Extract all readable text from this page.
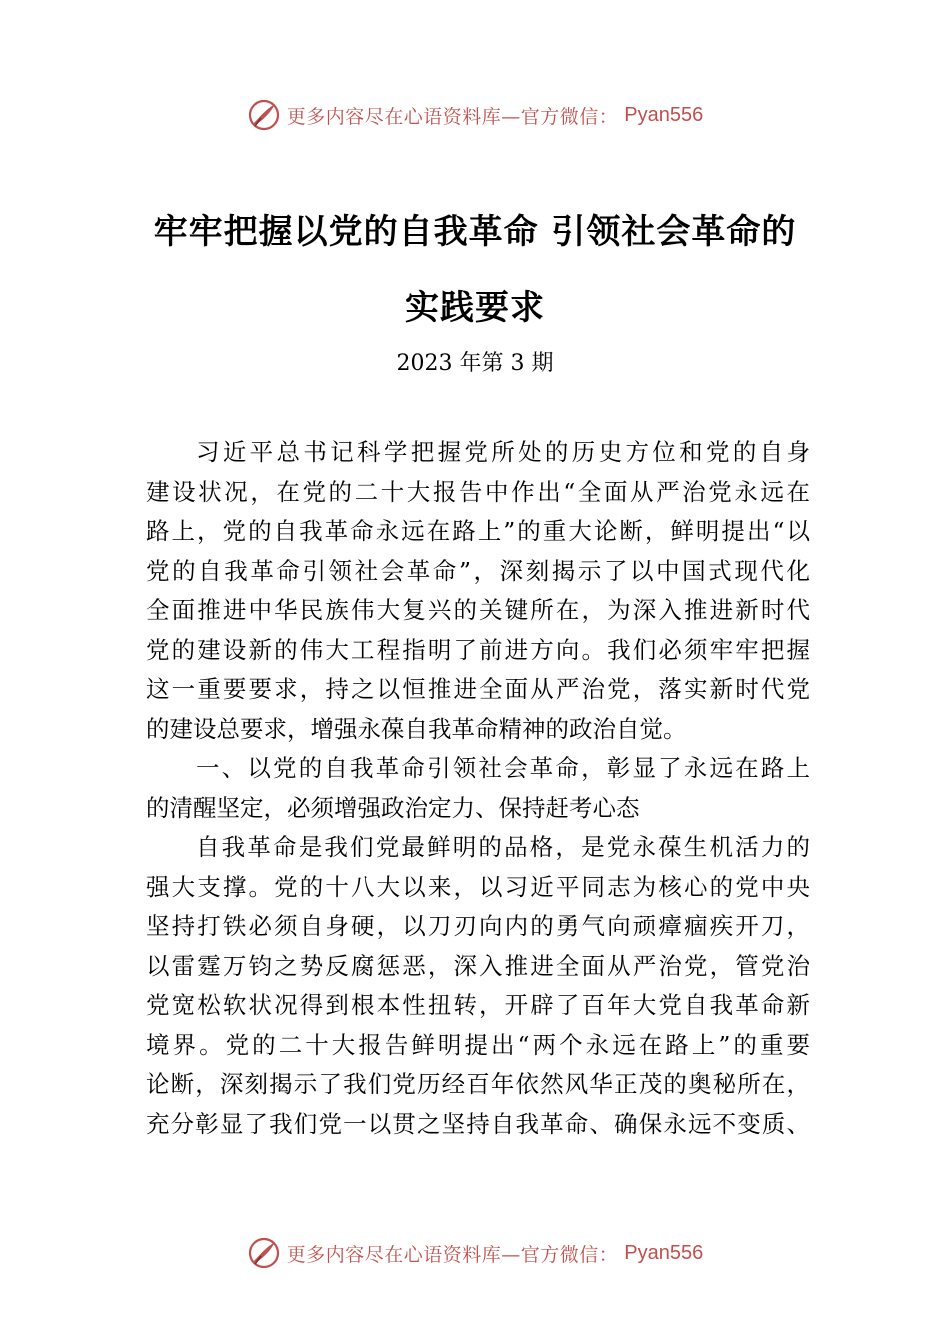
更多内容尽在心语资料库—官方微信： Pyan556
牢牢把握以党的自我革命 引领社会革命的
实践要求
2023 年第 3 期
习近平总书记科学把握党所处的历史方位和党的自身
建设状况，在党的二十大报告中作出“全面从严治党永远在
路上，党的自我革命永远在路上”的重大论断，鲜明提出“以
党的自我革命引领社会革命”，深刻揭示了以中国式现代化
全面推进中华民族伟大复兴的关键所在，为深入推进新时代
党的建设新的伟大工程指明了前进方向。我们必须牢牢把握
这一重要要求，持之以恒推进全面从严治党，落实新时代党
的建设总要求，增强永葆自我革命精神的政治自觉。
一、以党的自我革命引领社会革命，彰显了永远在路上
的清醒坚定，必须增强政治定力、保持赶考心态
自我革命是我们党最鲜明的品格，是党永葆生机活力的
强大支撑。党的十八大以来，以习近平同志为核心的党中央
坚持打铁必须自身硬，以刀刃向内的勇气向顽瘴痼疾开刀，
以雷霆万钧之势反腐惩恶，深入推进全面从严治党，管党治
党宽松软状况得到根本性扭转，开辟了百年大党自我革命新
境界。党的二十大报告鲜明提出“两个永远在路上”的重要
论断，深刻揭示了我们党历经百年依然风华正茂的奥秘所在，
充分彰显了我们党一以贯之坚持自我革命、确保永远不变质、
更多内容尽在心语资料库—官方微信： Pyan556
